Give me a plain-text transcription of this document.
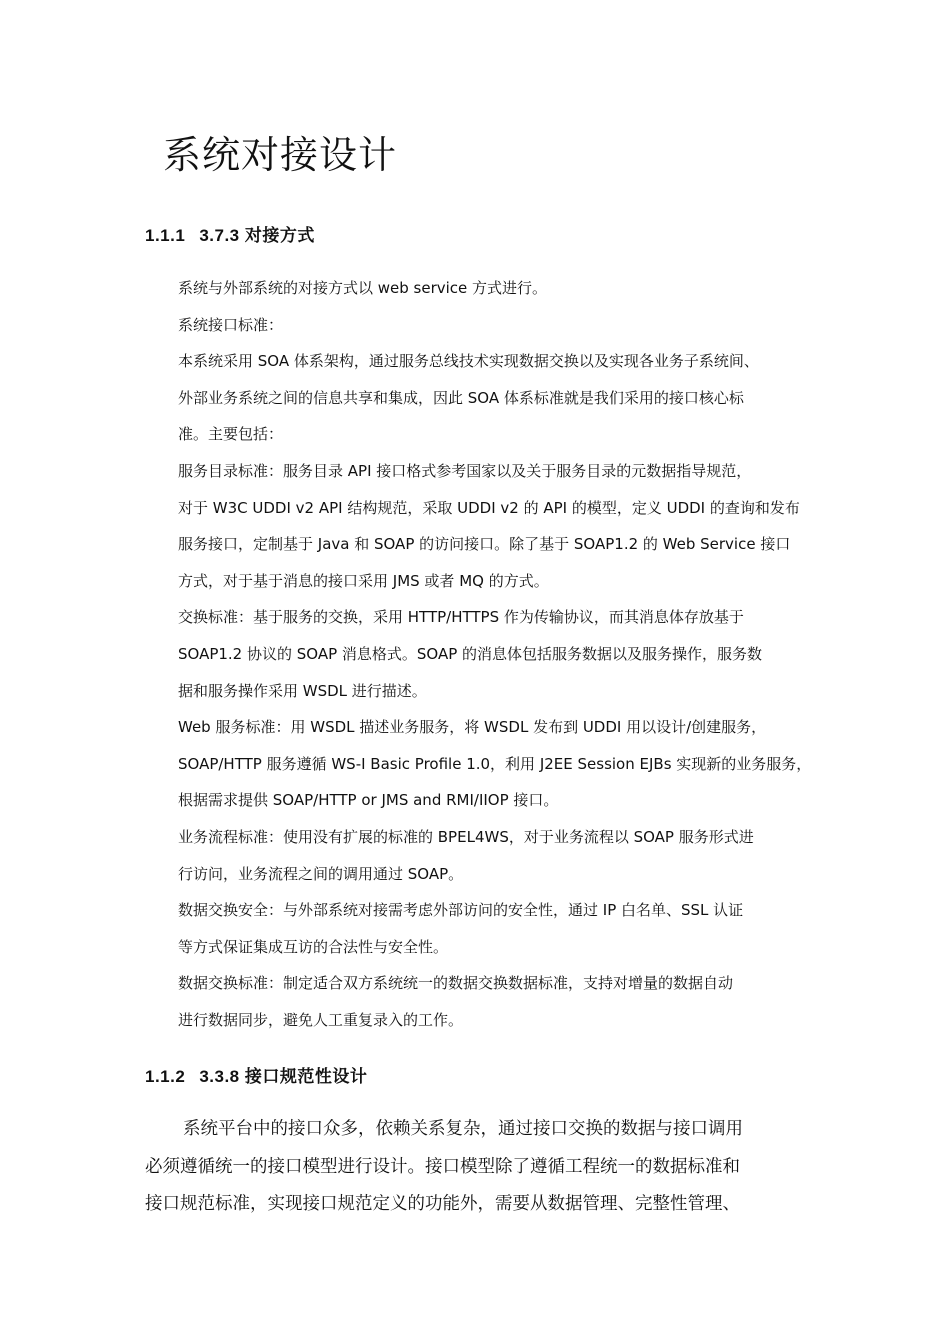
系统对接设计
1.1.1 3.7.3 对接方式
系统与外部系统的对接方式以 web service 方式进行。
系统接口标准：
本系统采用 SOA 体系架构，通过服务总线技术实现数据交换以及实现各业务子系统间、
外部业务系统之间的信息共享和集成，因此 SOA 体系标准就是我们采用的接口核心标
准。主要包括：
服务目录标准：服务目录 API 接口格式参考国家以及关于服务目录的元数据指导规范，
对于 W3C UDDI v2 API 结构规范，采取 UDDI v2 的 API 的模型，定义 UDDI 的查询和发布
服务接口，定制基于 Java 和 SOAP 的访问接口。除了基于 SOAP1.2 的 Web Service 接口
方式，对于基于消息的接口采用 JMS 或者 MQ 的方式。
交换标准：基于服务的交换，采用 HTTP/HTTPS 作为传输协议，而其消息体存放基于
SOAP1.2 协议的 SOAP 消息格式。SOAP 的消息体包括服务数据以及服务操作，服务数
据和服务操作采用 WSDL 进行描述。
Web 服务标准：用 WSDL 描述业务服务，将 WSDL 发布到 UDDI 用以设计/创建服务，
SOAP/HTTP 服务遵循 WS-I Basic Profile 1.0，利用 J2EE Session EJBs 实现新的业务服务，
根据需求提供 SOAP/HTTP or JMS and RMI/IIOP 接口。
业务流程标准：使用没有扩展的标准的 BPEL4WS，对于业务流程以 SOAP 服务形式进
行访问，业务流程之间的调用通过 SOAP。
数据交换安全：与外部系统对接需考虑外部访问的安全性，通过 IP 白名单、SSL 认证
等方式保证集成互访的合法性与安全性。
数据交换标准：制定适合双方系统统一的数据交换数据标准，支持对增量的数据自动
进行数据同步，避免人工重复录入的工作。
1.1.2 3.3.8 接口规范性设计
系统平台中的接口众多，依赖关系复杂，通过接口交换的数据与接口调用
必须遵循统一的接口模型进行设计。接口模型除了遵循工程统一的数据标准和
接口规范标准，实现接口规范定义的功能外，需要从数据管理、完整性管理、
